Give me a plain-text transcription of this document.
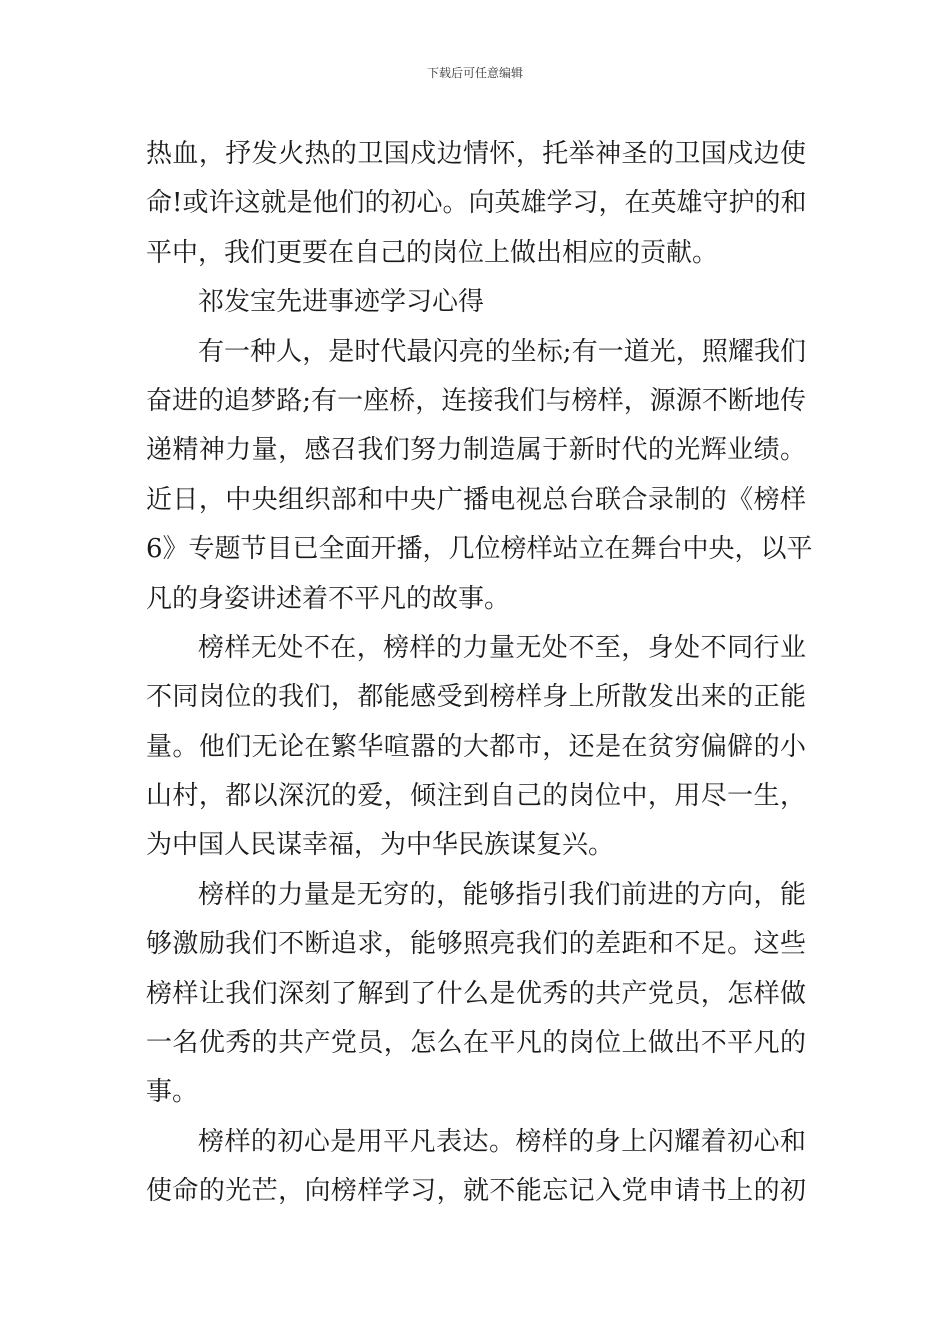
下载后可任意编辑
热血，抒发火热的卫国戍边情怀，托举神圣的卫国戍边使
命!或许这就是他们的初心。向英雄学习，在英雄守护的和
平中，我们更要在自己的岗位上做出相应的贡献。
祁发宝先进事迹学习心得
有一种人，是时代最闪亮的坐标;有一道光，照耀我们
奋进的追梦路;有一座桥，连接我们与榜样，源源不断地传
递精神力量，感召我们努力制造属于新时代的光辉业绩。
近日，中央组织部和中央广播电视总台联合录制的《榜样
6》专题节目已全面开播，几位榜样站立在舞台中央，以平
凡的身姿讲述着不平凡的故事。
榜样无处不在，榜样的力量无处不至，身处不同行业
不同岗位的我们，都能感受到榜样身上所散发出来的正能
量。他们无论在繁华喧嚣的大都市，还是在贫穷偏僻的小
山村，都以深沉的爱，倾注到自己的岗位中，用尽一生，
为中国人民谋幸福，为中华民族谋复兴。
榜样的力量是无穷的，能够指引我们前进的方向，能
够激励我们不断追求，能够照亮我们的差距和不足。这些
榜样让我们深刻了解到了什么是优秀的共产党员，怎样做
一名优秀的共产党员，怎么在平凡的岗位上做出不平凡的
事。
榜样的初心是用平凡表达。榜样的身上闪耀着初心和
使命的光芒，向榜样学习，就不能忘记入党申请书上的初
